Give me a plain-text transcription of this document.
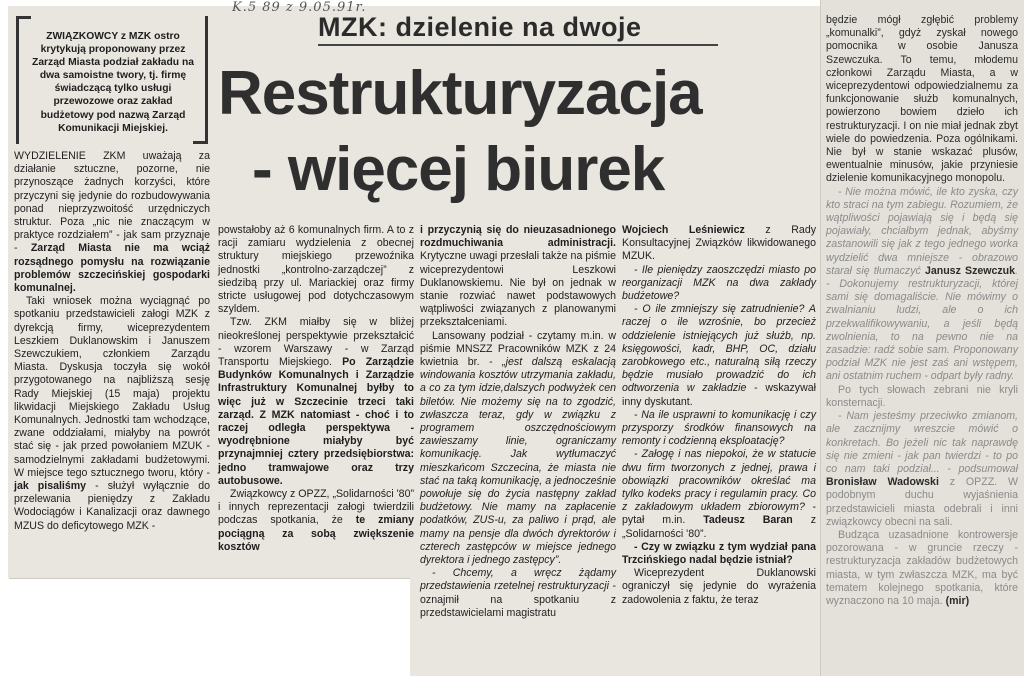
K.5 89 z 9.05.91r.
MZK: dzielenie na dwoje
Restrukturyzacja
- więcej biurek
ZWIĄZKOWCY z MZK ostro krytykują proponowany przez Zarząd Miasta podział zakładu na dwa samoistne twory, tj. firmę świadczącą tylko usługi przewozowe oraz zakład budżetowy pod nazwą Zarząd Komunikacji Miejskiej.

WYDZIELENIE ZKM uważają za działanie sztuczne, pozorne, nie przynoszące żadnych korzyści, które przyczyni się jedynie do rozbudowywania ponad nieprzyzwoitość urzędniczych struktur. Poza „nic nie znaczącym w praktyce rozdziałem” - jak sam przyznaje - Zarząd Miasta nie ma wciąż rozsądnego pomysłu na rozwiązanie problemów szczecińskiej gospodarki komunalnej.

Taki wniosek można wyciągnąć po spotkaniu przedstawicieli załogi MZK z dyrekcją firmy, wiceprezydentem Leszkiem Duklanowskim i Januszem Szewczukiem, członkiem Zarządu Miasta. Dyskusja toczyła się wokół przygotowanego na najbliższą sesję Rady Miejskiej (15 maja) projektu likwidacji Miejskiego Zakładu Usług Komunalnych. Jednostki tam wchodzące, zwane oddziałami, miałyby na powrót stać się - jak przed powołaniem MZUK - samodzielnymi zakładami budżetowymi. W miejsce tego sztucznego tworu, który - jak pisaliśmy - służył wyłącznie do przelewania pieniędzy z Zakładu Wodociągów i Kanalizacji oraz dawnego MZUS do deficytowego MZK -

powstałoby aż 6 komunalnych firm. A to z racji zamiaru wydzielenia z obecnej struktury miejskiego przewoźnika jednostki „kontrolno-zarządczej” z siedzibą przy ul. Mariackiej oraz firmy stricte usługowej pod dotychczasowym szyldem.

Tzw. ZKM miałby się w bliżej nieokreślonej perspektywie przekształcić - wzorem Warszawy - w Zarząd Transportu Miejskiego. Po Zarządzie Budynków Komunalnych i Zarządzie Infrastruktury Komunalnej byłby to więc już w Szczecinie trzeci taki zarząd. Z MZK natomiast - choć i to raczej odległa perspektywa - wyodrębnione miałyby być przynajmniej cztery przedsiębiorstwa: jedno tramwajowe oraz trzy autobusowe.

Związkowcy z OPZZ, „Solidarności '80” i innych reprezentacji załogi twierdzili podczas spotkania, że te zmiany pociągną za sobą zwiększenie kosztów

i przyczynią się do nieuzasadnionego rozdmuchiwania administracji. Krytyczne uwagi przesłali także na piśmie wiceprezydentowi Leszkowi Duklanowskiemu. Nie był on jednak w stanie rozwiać nawet podstawowych wątpliwości związanych z planowanymi przekształceniami.

Lansowany podział - czytamy m.in. w piśmie MNSZZ Pracowników MZK z 24 kwietnia br. - „jest dalszą eskalacją windowania kosztów utrzymania zakładu, a co za tym idzie,dalszych podwyżek cen biletów. Nie możemy się na to zgodzić, zwłaszcza teraz, gdy w związku z programem oszczędnościowym zawieszamy linie, ograniczamy komunikację. Jak wytłumaczyć mieszkańcom Szczecina, że miasta nie stać na taką komunikację, a jednocześnie powołuje się do życia następny zakład budżetowy. Nie mamy na zapłacenie podatków, ZUS-u, za paliwo i prąd, ale mamy na pensje dla dwóch dyrektorów i czterech zastępców w miejsce jednego dyrektora i jednego zastępcy”.

- Chcemy, a wręcz żądamy przedstawienia rzetelnej restrukturyzacji - oznajmił na spotkaniu z przedstawicielami magistratu

Wojciech Leśniewicz z Rady Konsultacyjnej Związków likwidowanego MZUK.

- Ile pieniędzy zaoszczędzi miasto po reorganizacji MZK na dwa zakłady budżetowe?

- O ile zmniejszy się zatrudnienie? A raczej o ile wzrośnie, bo przecież oddzielenie istniejących już służb, np. księgowości, kadr, BHP, OC, działu zarobkowego etc., naturalną siłą rzeczy będzie musiało prowadzić do ich odtworzenia w zakładzie - wskazywał inny dyskutant.

- Na ile usprawni to komunikację i czy przysporzy środków finansowych na remonty i codzienną eksploatację?

- Załogę i nas niepokoi, że w statucie dwu firm tworzonych z jednej, prawa i obowiązki pracowników określać ma tylko kodeks pracy i regulamin pracy. Co z zakładowym układem zbiorowym? - pytał m.in. Tadeusz Baran z „Solidarności '80”.

- Czy w związku z tym wydział pana Trzcińskiego nadal będzie istniał?

Wiceprezydent Duklanowski ograniczył się jedynie do wyrażenia zadowolenia z faktu, że teraz

będzie mógł zgłębić problemy „komunalki”, gdyż zyskał nowego pomocnika w osobie Janusza Szewczuka. To temu, młodemu członkowi Zarządu Miasta, a w wiceprezydentowi odpowiedzialnemu za funkcjonowanie służb komunalnych, powierzono bowiem dzieło ich restrukturyzacji. I on nie miał jednak zbyt wiele do powiedzenia. Poza ogólnikami. Nie był w stanie wskazać plusów, ewentualnie minusów, jakie przyniesie dzielenie komunikacyjnego monopolu.

- Nie można mówić, ile kto zyska, czy kto straci na tym zabiegu. Rozumiem, że wątpliwości pojawiają się i będą się pojawiały, chciałbym jednak, abyśmy zastanowili się jak z tego jednego worka wydzielić dwa mniejsze - obrazowo starał się tłumaczyć Janusz Szewczuk. - Dokonujemy restrukturyzacji, której sami się domagaliście. Nie mówimy o zwalnianiu ludzi, ale o ich przekwalifikowywaniu, a jeśli będą zwolnienia, to na pewno nie na zasadzie: radź sobie sam. Proponowany podział MZK nie jest zaś ani wstępem, ani ostatnim ruchem - odpart były radny.

Po tych słowach zebrani nie kryli konsternacji.

- Nam jesteśmy przeciwko zmianom, ale zacznijmy wreszcie mówić o konkretach. Bo jeżeli nic tak naprawdę się nie zmieni - jak pan twierdzi - to po co nam taki podział... - podsumował Bronisław Wadowski z OPZZ. W podobnym duchu wyjaśnienia przedstawicieli miasta odebrali i inni związkowcy obecni na sali.

Budząca uzasadnione kontrowersje pozorowana - w gruncie rzeczy - restrukturyzacja zakładów budżetowych miasta, w tym zwłaszcza MZK, ma być tematem kolejnego spotkania, które wyznaczono na 10 maja. (mir)
